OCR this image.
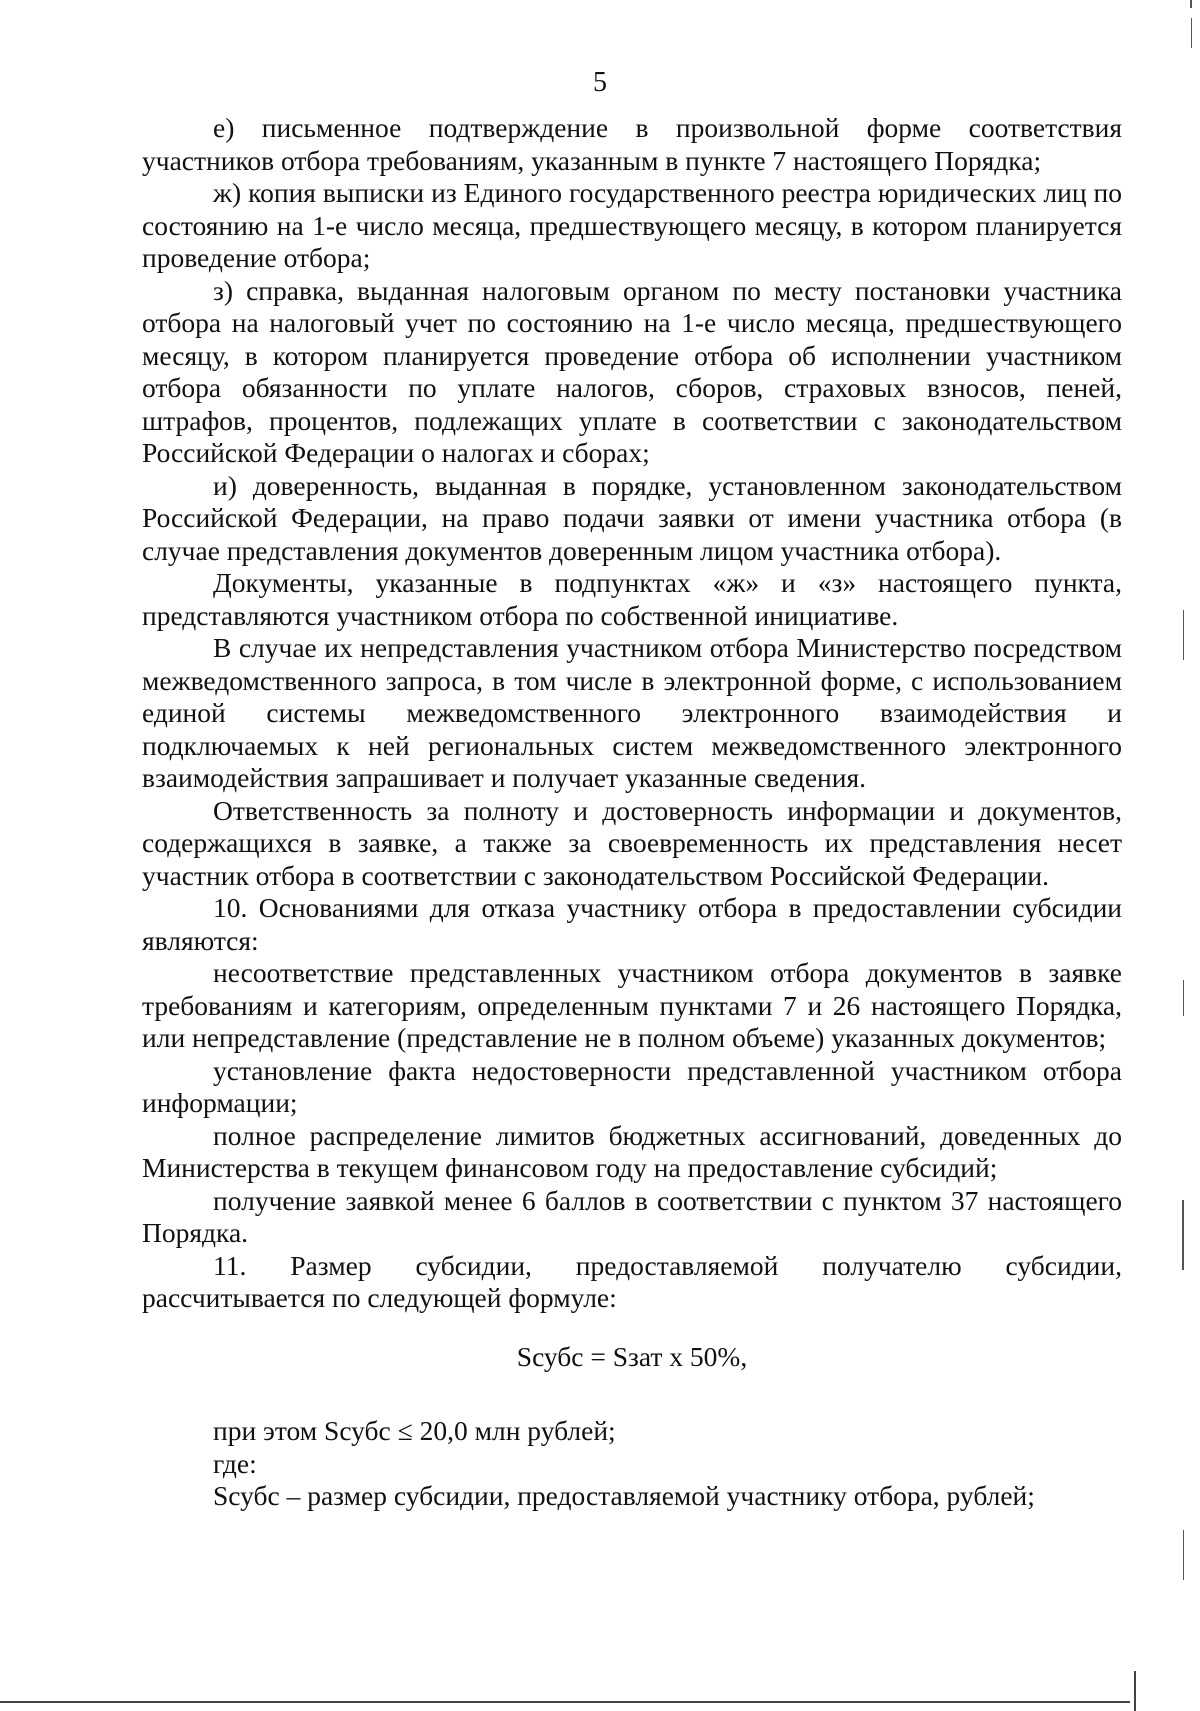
5

е) письменное подтверждение в произвольной форме соответствия участников отбора требованиям, указанным в пункте 7 настоящего Порядка;

ж) копия выписки из Единого государственного реестра юридических лиц по состоянию на 1-е число месяца, предшествующего месяцу, в котором планируется проведение отбора;

з) справка, выданная налоговым органом по месту постановки участника отбора на налоговый учет по состоянию на 1-е число месяца, предшествующего месяцу, в котором планируется проведение отбора об исполнении участником отбора обязанности по уплате налогов, сборов, страховых взносов, пеней, штрафов, процентов, подлежащих уплате в соответствии с законодательством Российской Федерации о налогах и сборах;

и) доверенность, выданная в порядке, установленном законодательством Российской Федерации, на право подачи заявки от имени участника отбора (в случае представления документов доверенным лицом участника отбора).

Документы, указанные в подпунктах «ж» и «з» настоящего пункта, представляются участником отбора по собственной инициативе.

В случае их непредставления участником отбора Министерство посредством межведомственного запроса, в том числе в электронной форме, с использованием единой системы межведомственного электронного взаимодействия и подключаемых к ней региональных систем межведомственного электронного взаимодействия запрашивает и получает указанные сведения.

Ответственность за полноту и достоверность информации и документов, содержащихся в заявке, а также за своевременность их представления несет участник отбора в соответствии с законодательством Российской Федерации.

10. Основаниями для отказа участнику отбора в предоставлении субсидии являются:

несоответствие представленных участником отбора документов в заявке требованиям и категориям, определенным пунктами 7 и 26 настоящего Порядка, или непредставление (представление не в полном объеме) указанных документов;

установление факта недостоверности представленной участником отбора информации;

полное распределение лимитов бюджетных ассигнований, доведенных до Министерства в текущем финансовом году на предоставление субсидий;

получение заявкой менее 6 баллов в соответствии с пунктом 37 настоящего Порядка.

11. Размер субсидии, предоставляемой получателю субсидии, рассчитывается по следующей формуле:

Sсубс = Sзат x 50%,

при этом Sсубс ≤ 20,0 млн рублей;

где:

Sсубс – размер субсидии, предоставляемой участнику отбора, рублей;
